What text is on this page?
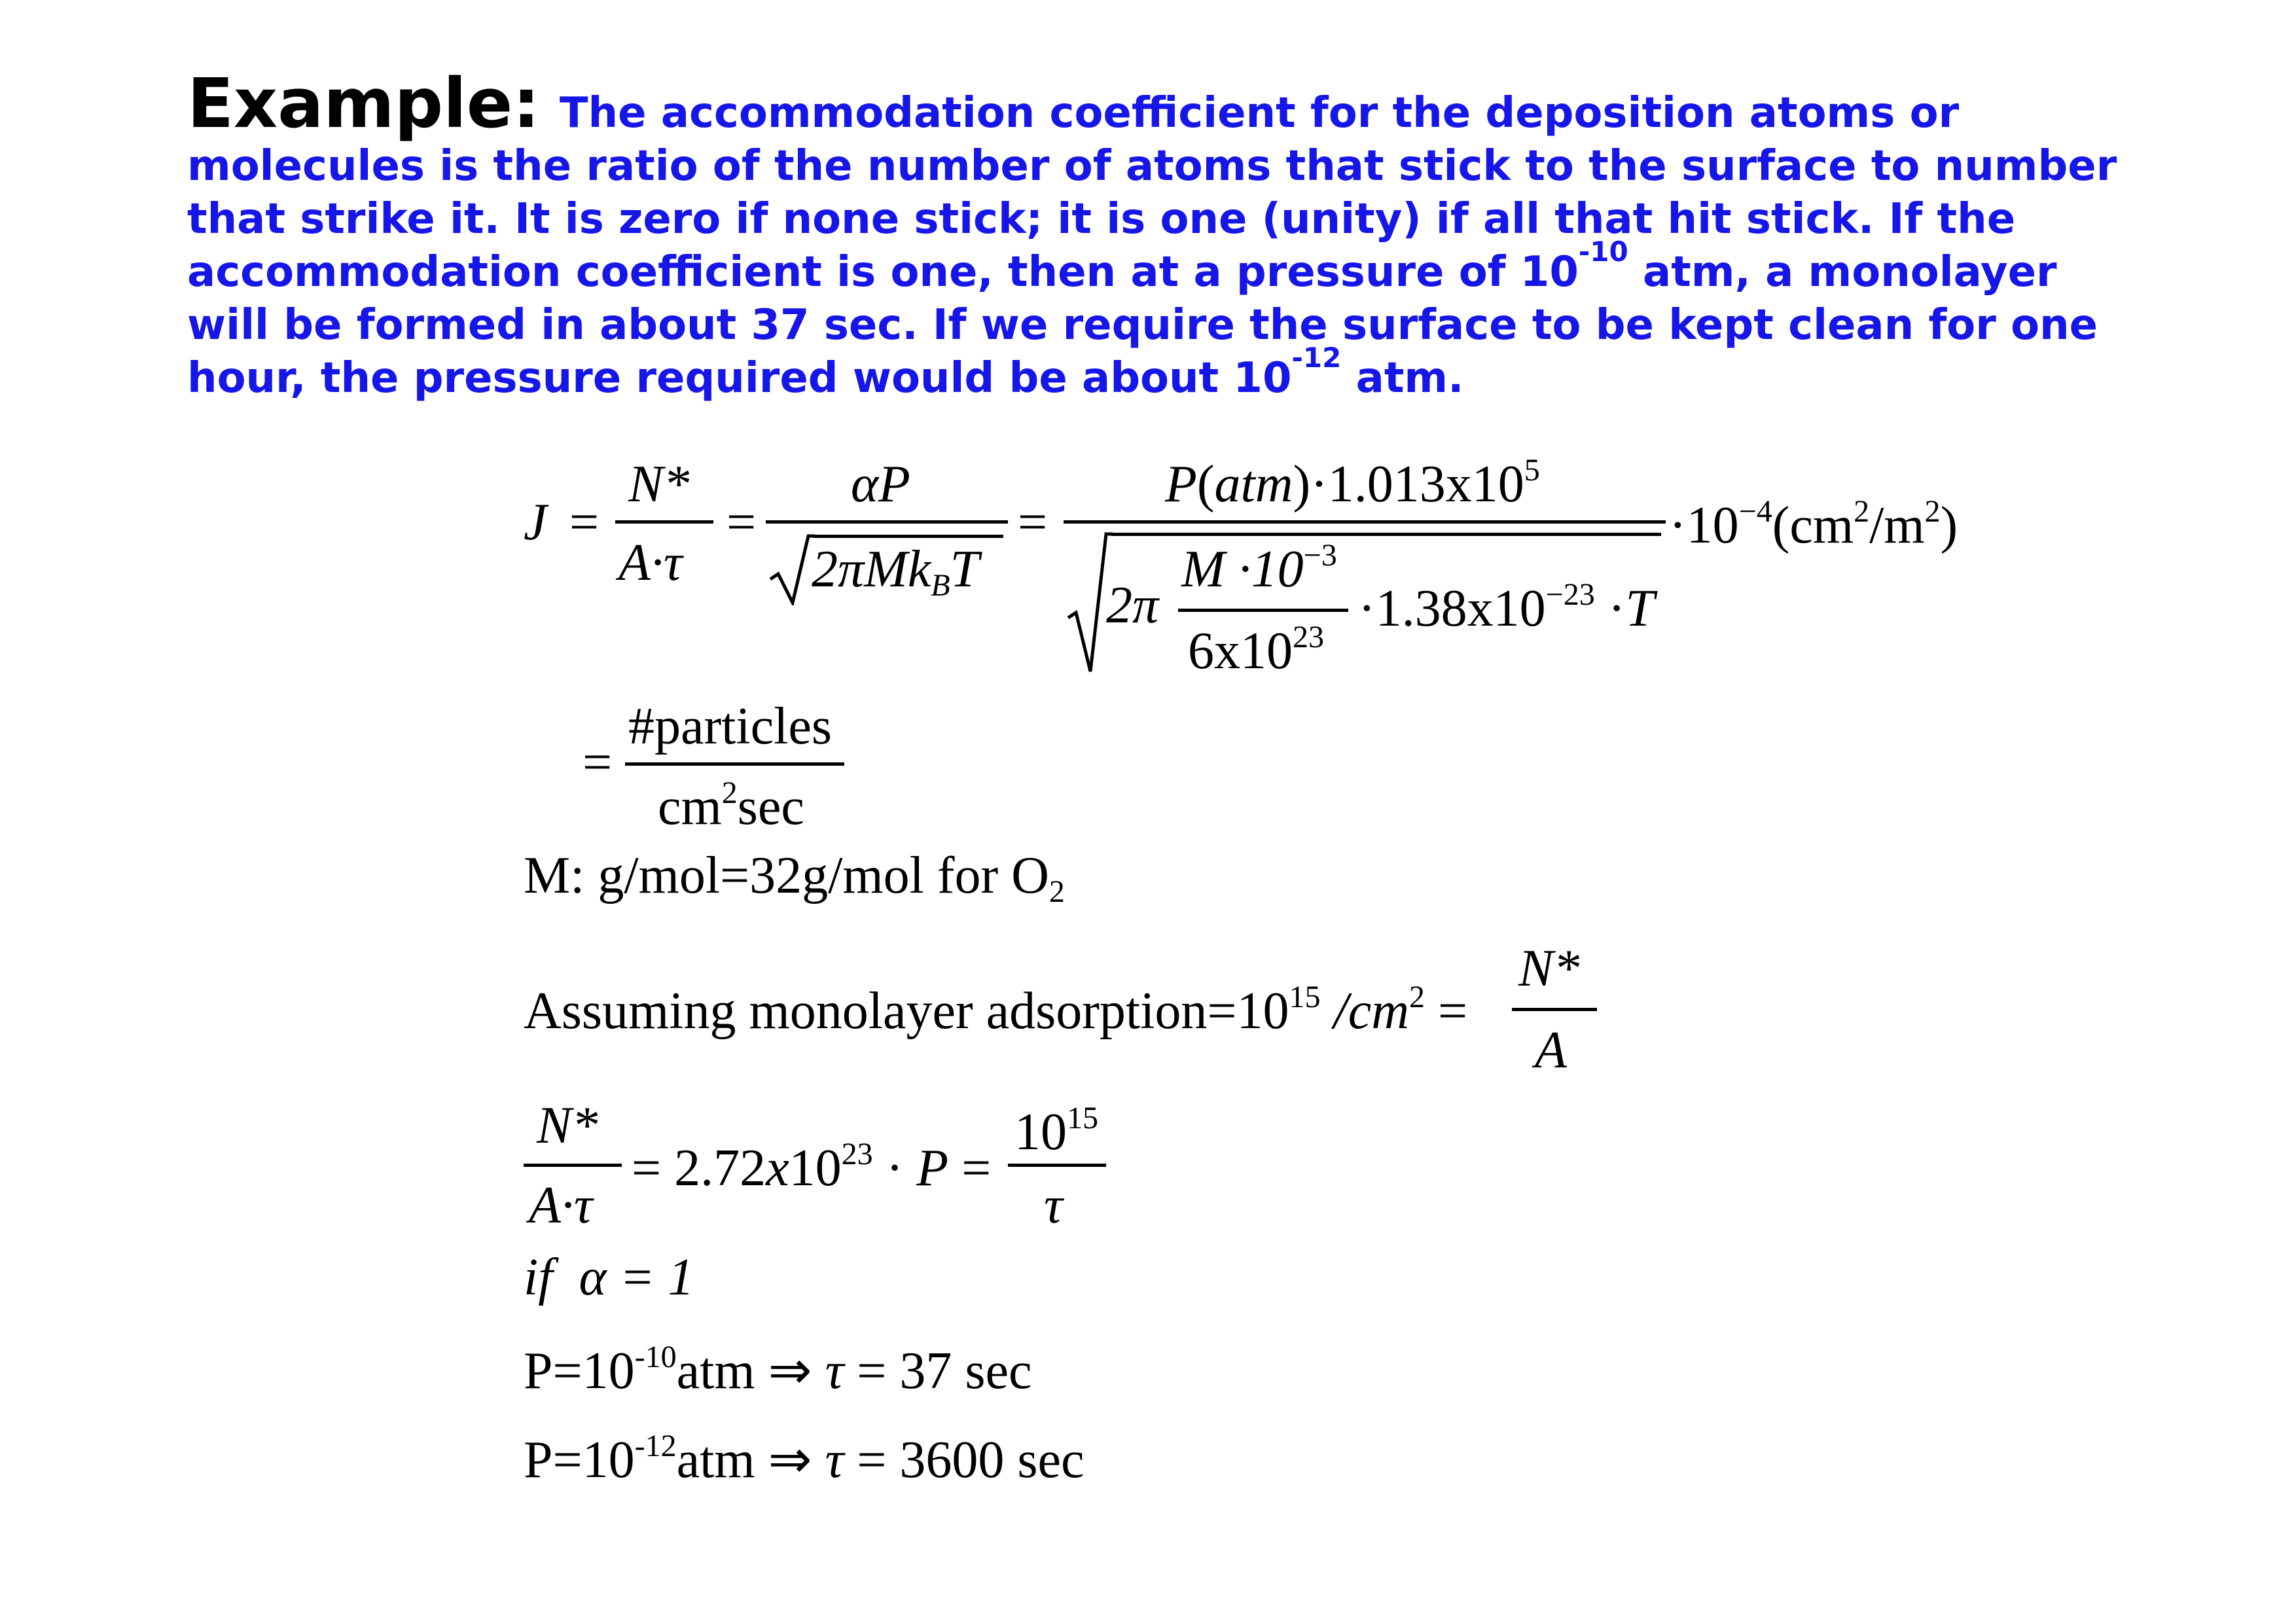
Example: The accommodation coefficient for the deposition atoms or molecules is the ratio of the number of atoms that stick to the surface to number that strike it. It is zero if none stick; it is one (unity) if all that hit stick. If the accommodation coefficient is one, then at a pressure of $10^{-10}$ atm, a monolayer will be formed in about 37 sec. If we require the surface to be kept clean for one hour, the pressure required would be about $10^{-12}$ atm.
J =
N*
A·τ
=
αP
2πMk$_B$T
=
$P(atm)\cdot 1.013x10^5$
2π
$M \cdot 10^{-3}$
$6x10^{23} \cdot 1.38x10^{-23} \cdot T$
$\cdot 10^{-4}(cm^2/m^2)$
=
#particles
$cm^2\sec$
M: g/mol=32g/mol for $O_2$
Assuming monolayer $adsorption=10^{15}$ $/cm^2$ =
N*
A
N*
A·τ
= $2.72x10^{23} \cdot P$ =
$10^{15}$
τ
if α = 1
$P=10^{-10}atm$ ⇒ τ = 37 sec
$P=10^{-12}atm$ ⇒ τ = 3600 sec
